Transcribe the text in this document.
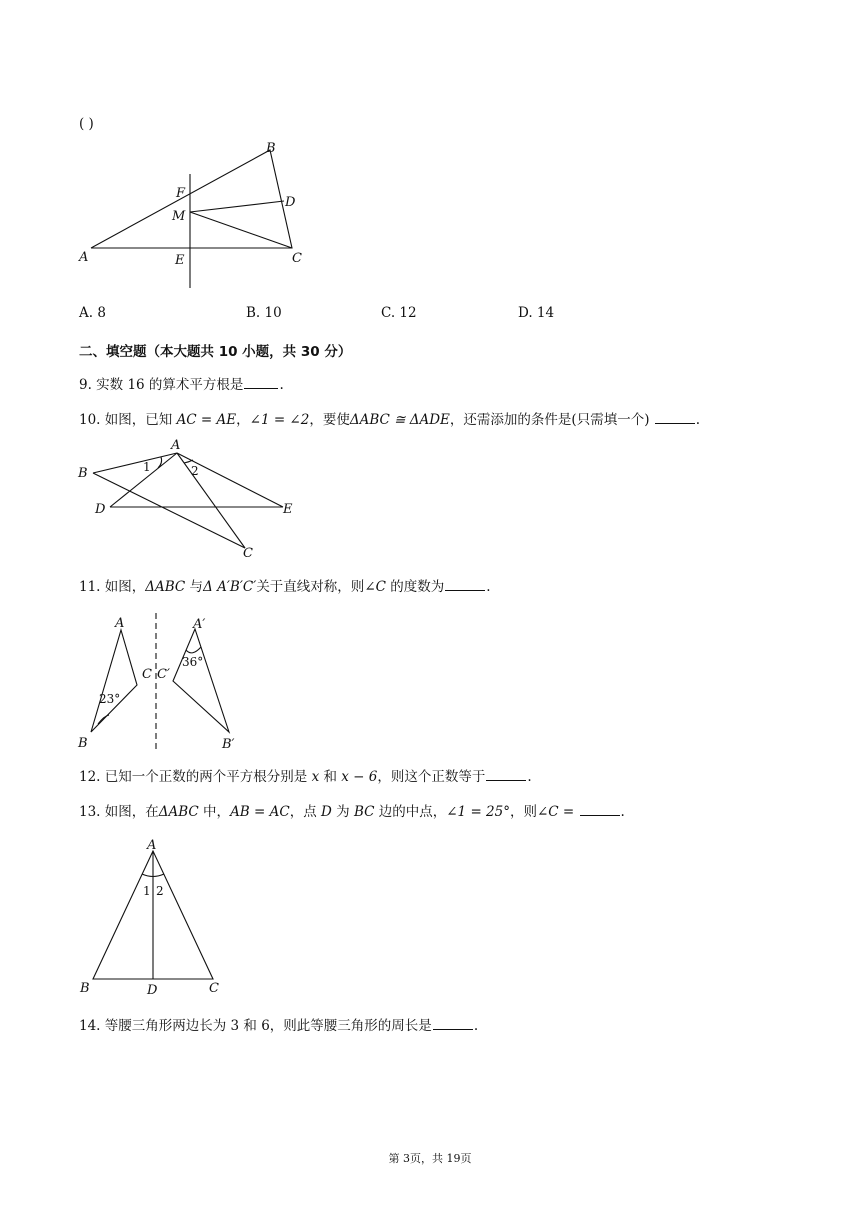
( )
A
B
C
D
E
F
M
A. 8	B. 10	C. 12	D. 14
二、填空题（本大题共 10 小题，共 30 分）
9. 实数 16 的算术平方根是	.
10. 如图，已知 AC = AE，∠1 = ∠2，要使ΔABC ≅ ΔADE，还需添加的条件是(只需填一个)	.
B
A
C
D	E
1	2
11. 如图，ΔABC 与Δ A′B′C′关于直线对称，则∠C 的度数为	.
A
B
C
A′
B′
C′
23°
36°
12. 已知一个正数的两个平方根分别是 x 和 x − 6，则这个正数等于	.
13. 如图，在ΔABC 中，AB = AC，点 D 为 BC 边的中点，∠1 = 25°，则∠C =	.
A
B	C
D
1 2
14. 等腰三角形两边长为 3 和 6，则此等腰三角形的周长是	.
第 3页，共 19页
